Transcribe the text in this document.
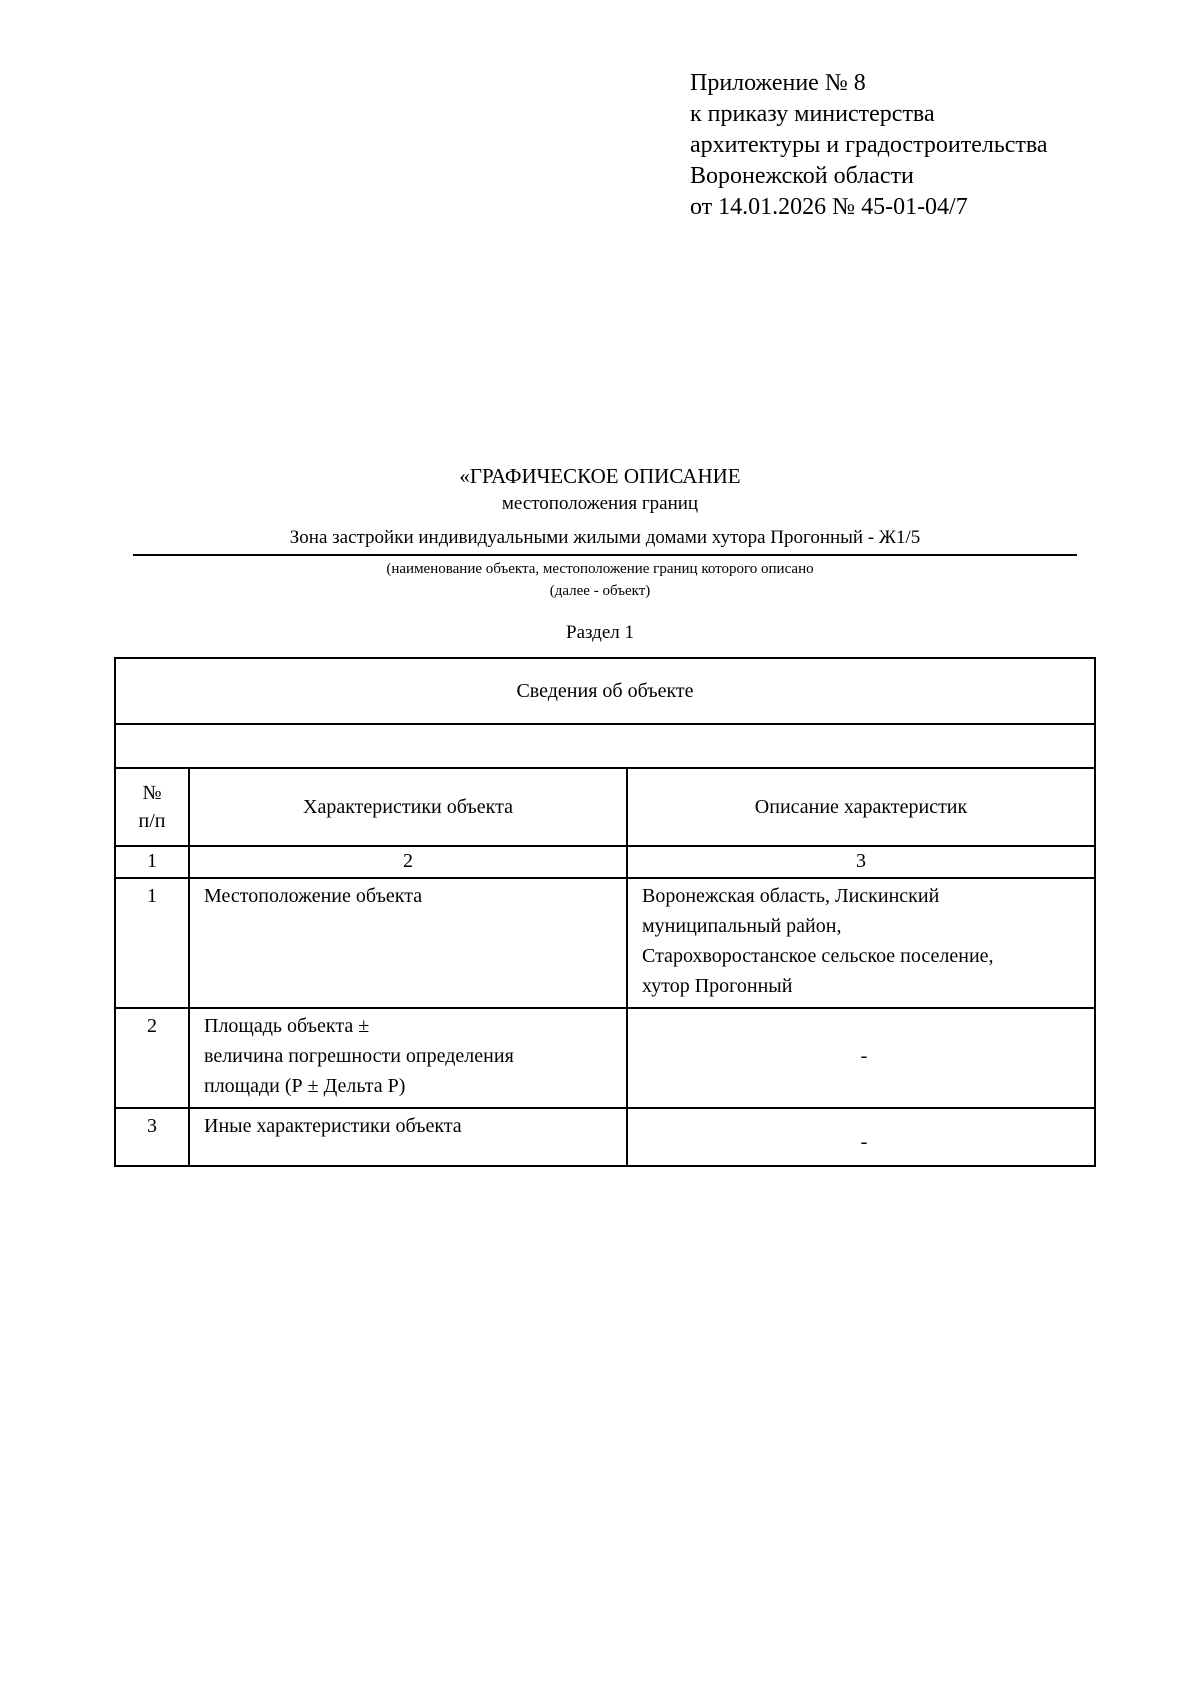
Приложение № 8
к приказу министерства
архитектуры и градостроительства
Воронежской области
от 14.01.2026 № 45-01-04/7
«ГРАФИЧЕСКОЕ ОПИСАНИЕ
местоположения границ
Зона застройки индивидуальными жилыми домами хутора Прогонный - Ж1/5
(наименование объекта, местоположение границ которого описано
(далее - объект)
Раздел 1
Сведения об объекте		

№
п/п	Характеристики объекта	Описание характеристик
1	2	3
1	Местоположение объекта	Воронежская область, Лискинский
муниципальный район,
Старохворостанское сельское поселение,
хутор Прогонный
2	Площадь объекта ±
величина погрешности определения
площади (Р ± Дельта Р)	-
3	Иные характеристики объекта	-
